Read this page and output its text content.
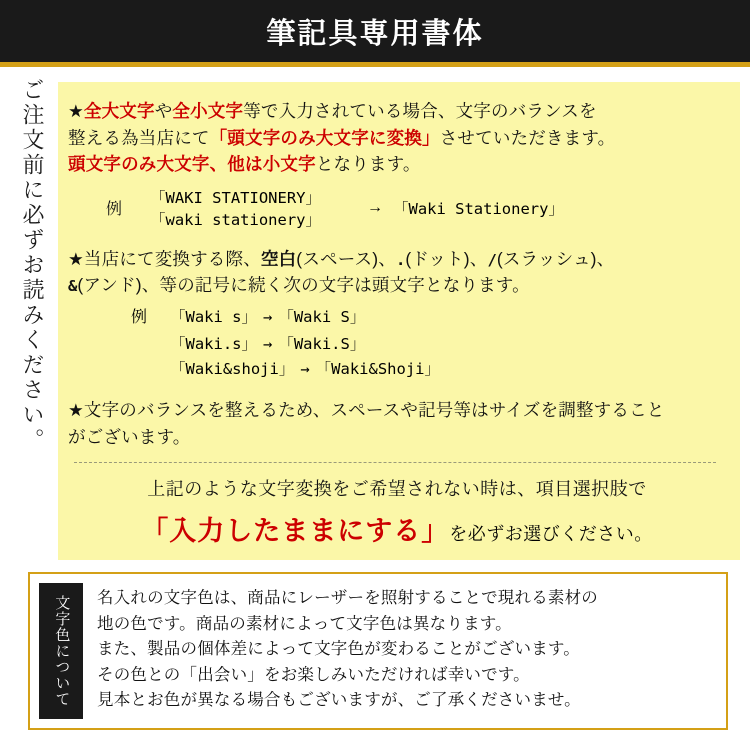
筆記具専用書体
ご注文前に必ずお読みください。 ★全大文字や全小文字等で入力されている場合、文字のバランスを
整える為当店にて「頭文字のみ大文字に変換」させていただきます。
頭文字のみ大文字、他は小文字となります。
例
「WAKI STATIONERY」
「waki stationery」
→ 「Waki Stationery」
★当店にて変換する際、空白(スペース)、.(ドット)、/(スラッシュ)、
&(アンド)、等の記号に続く次の文字は頭文字となります。
例	「Waki s」 → 「Waki S」
「Waki.s」 → 「Waki.S」
「Waki&shoji」 → 「Waki&Shoji」
★文字のバランスを整えるため、スペースや記号等はサイズを調整すること
がございます。
上記のような文字変換をご希望されない時は、項目選択肢で
「入力したままにする」を必ずお選びください。
文字色について 名入れの文字色は、商品にレーザーを照射することで現れる素材の

地の色です。商品の素材によって文字色は異なります。

また、製品の個体差によって文字色が変わることがございます。

その色との「出会い」をお楽しみいただければ幸いです。

見本とお色が異なる場合もございますが、ご了承くださいませ。
